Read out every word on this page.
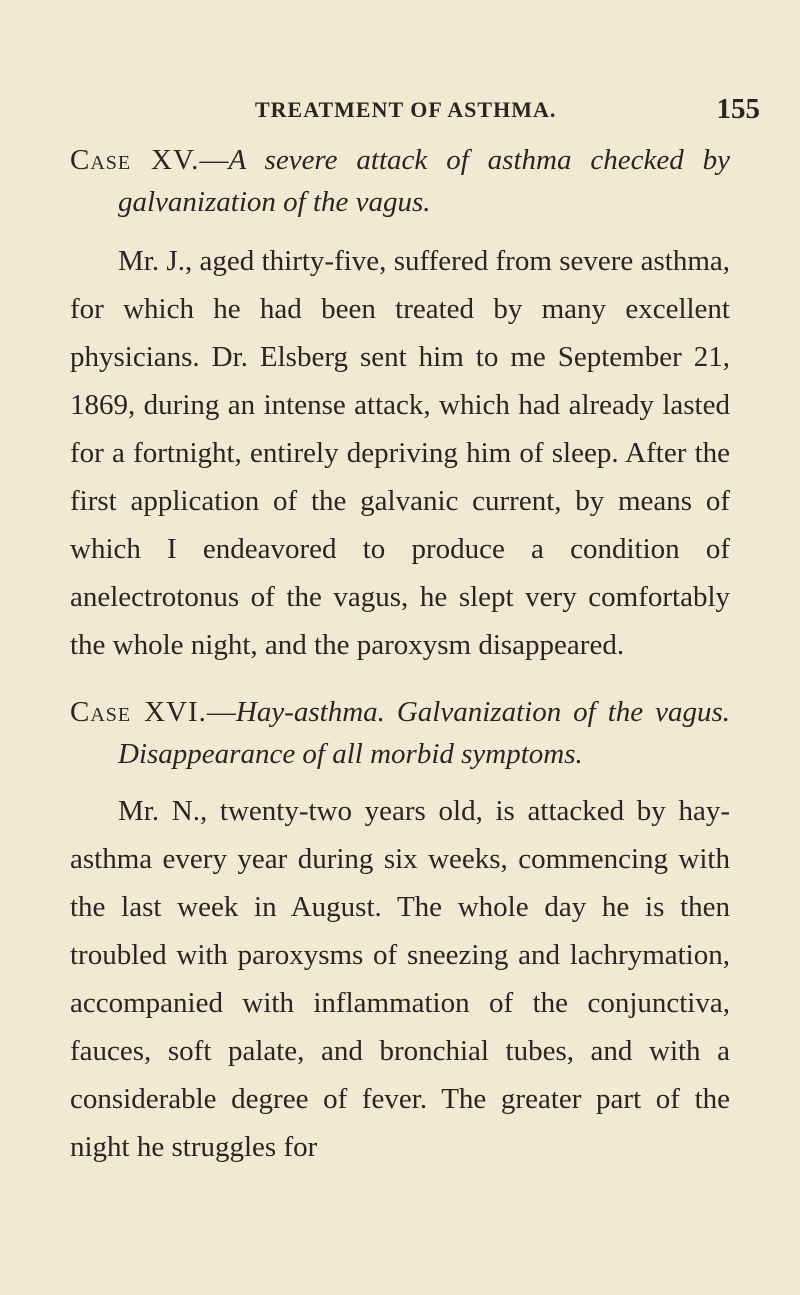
TREATMENT OF ASTHMA.	155

Case XV.—A severe attack of asthma checked by galvanization of the vagus.

Mr. J., aged thirty-five, suffered from severe asthma, for which he had been treated by many excellent physicians. Dr. Elsberg sent him to me September 21, 1869, during an intense attack, which had already lasted for a fortnight, entirely depriving him of sleep. After the first application of the galvanic current, by means of which I endeavored to produce a condition of anelectrotonus of the vagus, he slept very comfortably the whole night, and the paroxysm disappeared.

Case XVI.—Hay-asthma. Galvanization of the vagus. Disappearance of all morbid symptoms.

Mr. N., twenty-two years old, is attacked by hay-asthma every year during six weeks, commencing with the last week in August. The whole day he is then troubled with paroxysms of sneezing and lachrymation, accompanied with inflammation of the conjunctiva, fauces, soft palate, and bronchial tubes, and with a considerable degree of fever. The greater part of the night he struggles for
